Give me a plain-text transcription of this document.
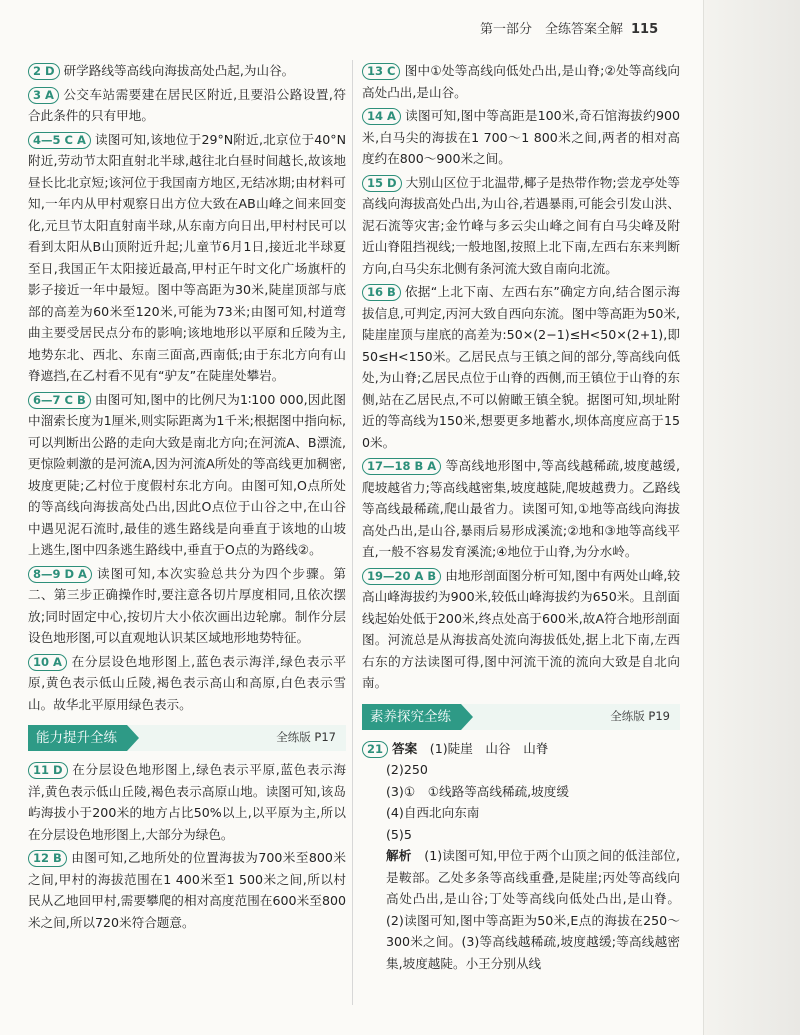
第一部分　全练答案全解 115

2 D 研学路线等高线向海拔高处凸起,为山谷。

3 A 公交车站需要建在居民区附近,且要沿公路设置,符合此条件的只有甲地。

4—5 C A 读图可知,该地位于29°N附近,北京位于40°N附近,劳动节太阳直射北半球,越往北白昼时间越长,故该地昼长比北京短;该河位于我国南方地区,无结冰期;由材料可知,一年内从甲村观察日出方位大致在AB山峰之间来回变化,元旦节太阳直射南半球,从东南方向日出,甲村村民可以看到太阳从B山顶附近升起;儿童节6月1日,接近北半球夏至日,我国正午太阳接近最高,甲村正午时文化广场旗杆的影子接近一年中最短。图中等高距为30米,陡崖顶部与底部的高差为60米至120米,可能为73米;由图可知,村道弯曲主要受居民点分布的影响;该地地形以平原和丘陵为主,地势东北、西北、东南三面高,西南低;由于东北方向有山脊遮挡,在乙村看不见有“驴友”在陡崖处攀岩。

6—7 C B 由图可知,图中的比例尺为1∶100 000,因此图中溜索长度为1厘米,则实际距离为1千米;根据图中指向标,可以判断出公路的走向大致是南北方向;在河流A、B漂流,更惊险刺激的是河流A,因为河流A所处的等高线更加稠密,坡度更陡;乙村位于度假村东北方向。由图可知,O点所处的等高线向海拔高处凸出,因此O点位于山谷之中,在山谷中遇见泥石流时,最佳的逃生路线是向垂直于该地的山坡上逃生,图中四条逃生路线中,垂直于O点的为路线②。

8—9 D A 读图可知,本次实验总共分为四个步骤。第二、第三步正确操作时,要注意各切片厚度相同,且依次摆放;同时固定中心,按切片大小依次画出边轮廓。制作分层设色地形图,可以直观地认识某区域地形地势特征。

10 A 在分层设色地形图上,蓝色表示海洋,绿色表示平原,黄色表示低山丘陵,褐色表示高山和高原,白色表示雪山。故华北平原用绿色表示。

能力提升全练	全练版 P17

11 D 在分层设色地形图上,绿色表示平原,蓝色表示海洋,黄色表示低山丘陵,褐色表示高原山地。读图可知,该岛屿海拔小于200米的地方占比50%以上,以平原为主,所以在分层设色地形图上,大部分为绿色。

12 B 由图可知,乙地所处的位置海拔为700米至800米之间,甲村的海拔范围在1 400米至1 500米之间,所以村民从乙地回甲村,需要攀爬的相对高度范围在600米至800米之间,所以720米符合题意。

13 C 图中①处等高线向低处凸出,是山脊;②处等高线向高处凸出,是山谷。

14 A 读图可知,图中等高距是100米,奇石馆海拔约900米,白马尖的海拔在1 700～1 800米之间,两者的相对高度约在800～900米之间。

15 D 大别山区位于北温带,椰子是热带作物;尝龙亭处等高线向海拔高处凸出,为山谷,若遇暴雨,可能会引发山洪、泥石流等灾害;金竹峰与多云尖山峰之间有白马尖峰及附近山脊阻挡视线;一般地图,按照上北下南,左西右东来判断方向,白马尖东北侧有条河流大致自南向北流。

16 B 依据“上北下南、左西右东”确定方向,结合图示海拔信息,可判定,丙河大致自西向东流。图中等高距为50米,陡崖崖顶与崖底的高差为:50×(2−1)≤H<50×(2+1),即50≤H<150米。乙居民点与王镇之间的部分,等高线向低处,为山脊;乙居民点位于山脊的西侧,而王镇位于山脊的东侧,站在乙居民点,不可以俯瞰王镇全貌。据图可知,坝址附近的等高线为150米,想要更多地蓄水,坝体高度应高于150米。

17—18 B A 等高线地形图中,等高线越稀疏,坡度越缓,爬坡越省力;等高线越密集,坡度越陡,爬坡越费力。乙路线等高线最稀疏,爬山最省力。读图可知,①地等高线向海拔高处凸出,是山谷,暴雨后易形成溪流;②地和③地等高线平直,一般不容易发育溪流;④地位于山脊,为分水岭。

19—20 A B 由地形剖面图分析可知,图中有两处山峰,较高山峰海拔约为900米,较低山峰海拔约为650米。且剖面线起始处低于200米,终点处高于600米,故A符合地形剖面图。河流总是从海拔高处流向海拔低处,据上北下南,左西右东的方法读图可得,图中河流干流的流向大致是自北向南。

素养探究全练	全练版 P19

21 答案　 (1)陡崖　山谷　山脊

(2)250

(3)①　①线路等高线稀疏,坡度缓

(4)自西北向东南

(5)5

解析　 (1)读图可知,甲位于两个山顶之间的低洼部位,是鞍部。乙处多条等高线重叠,是陡崖;丙处等高线向高处凸出,是山谷;丁处等高线向低处凸出,是山脊。(2)读图可知,图中等高距为50米,E点的海拔在250～300米之间。(3)等高线越稀疏,坡度越缓;等高线越密集,坡度越陡。小王分别从线
